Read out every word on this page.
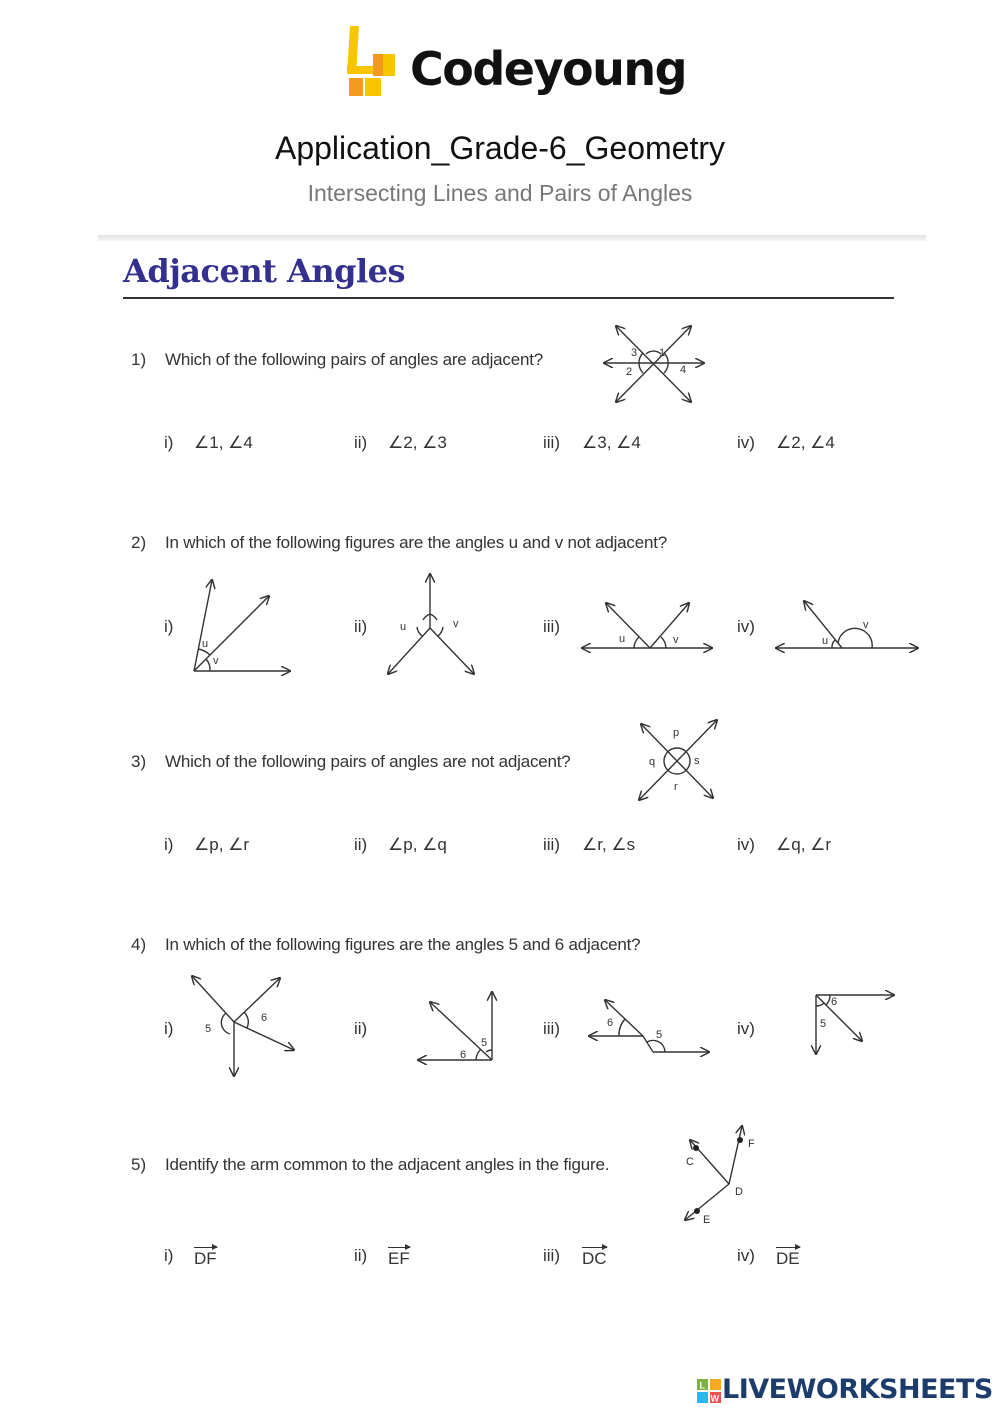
Codeyoung
Application_Grade-6_Geometry
Intersecting Lines and Pairs of Angles
Adjacent Angles
1) Which of the following pairs of angles are adjacent?	1
2
3
4
i) ∠1, ∠4	ii) ∠2, ∠3	iii) ∠3, ∠4	iv) ∠2, ∠4
2) In which of the following figures are the angles u and v not adjacent?
i)
u
v
ii)	u	v	iii)
u	v
iv)
u
v
3) Which of the following pairs of angles are not adjacent?
p
q
r
s
i) ∠p, ∠r	ii) ∠p, ∠q	iii) ∠r, ∠s	iv) ∠q, ∠r
4) In which of the following figures are the angles 5 and 6 adjacent?
i)	5
6
ii)
6
5
iii)	6
5	iv)
6
5
5) Identify the arm common to the adjacent angles in the figure.
F
C
D
E
i) DF	ii) EF	iii) DC	iv) DE
L
W LIVEWORKSHEETS
